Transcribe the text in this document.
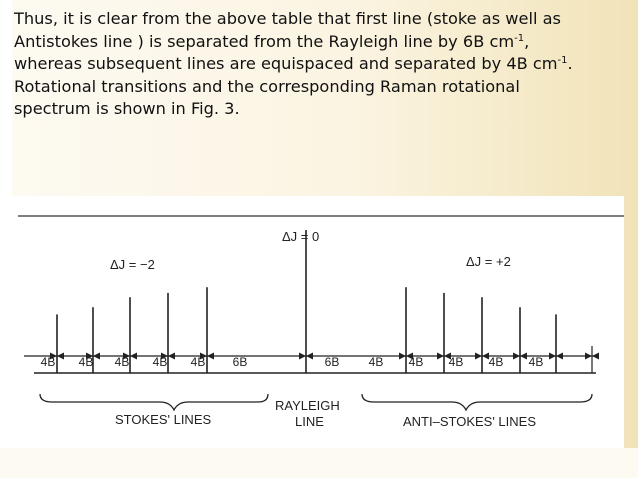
Thus, it is clear from the above table that first line (stoke as well as

Antistokes line ) is separated from the Rayleigh line by 6B $cm^{-1}$,

whereas subsequent lines are equispaced and separated by 4B $cm^{-1}$.

Rotational transitions and the corresponding Raman rotational

spectrum is shown in Fig. 3.

ΔJ = −2
ΔJ = 0
ΔJ = +2
4B 4B 4B 4B 4B 6B	6B 4B 4B 4B 4B 4B
STOKES' LINES
RAYLEIGH
LINE	ANTI–STOKES' LINES
